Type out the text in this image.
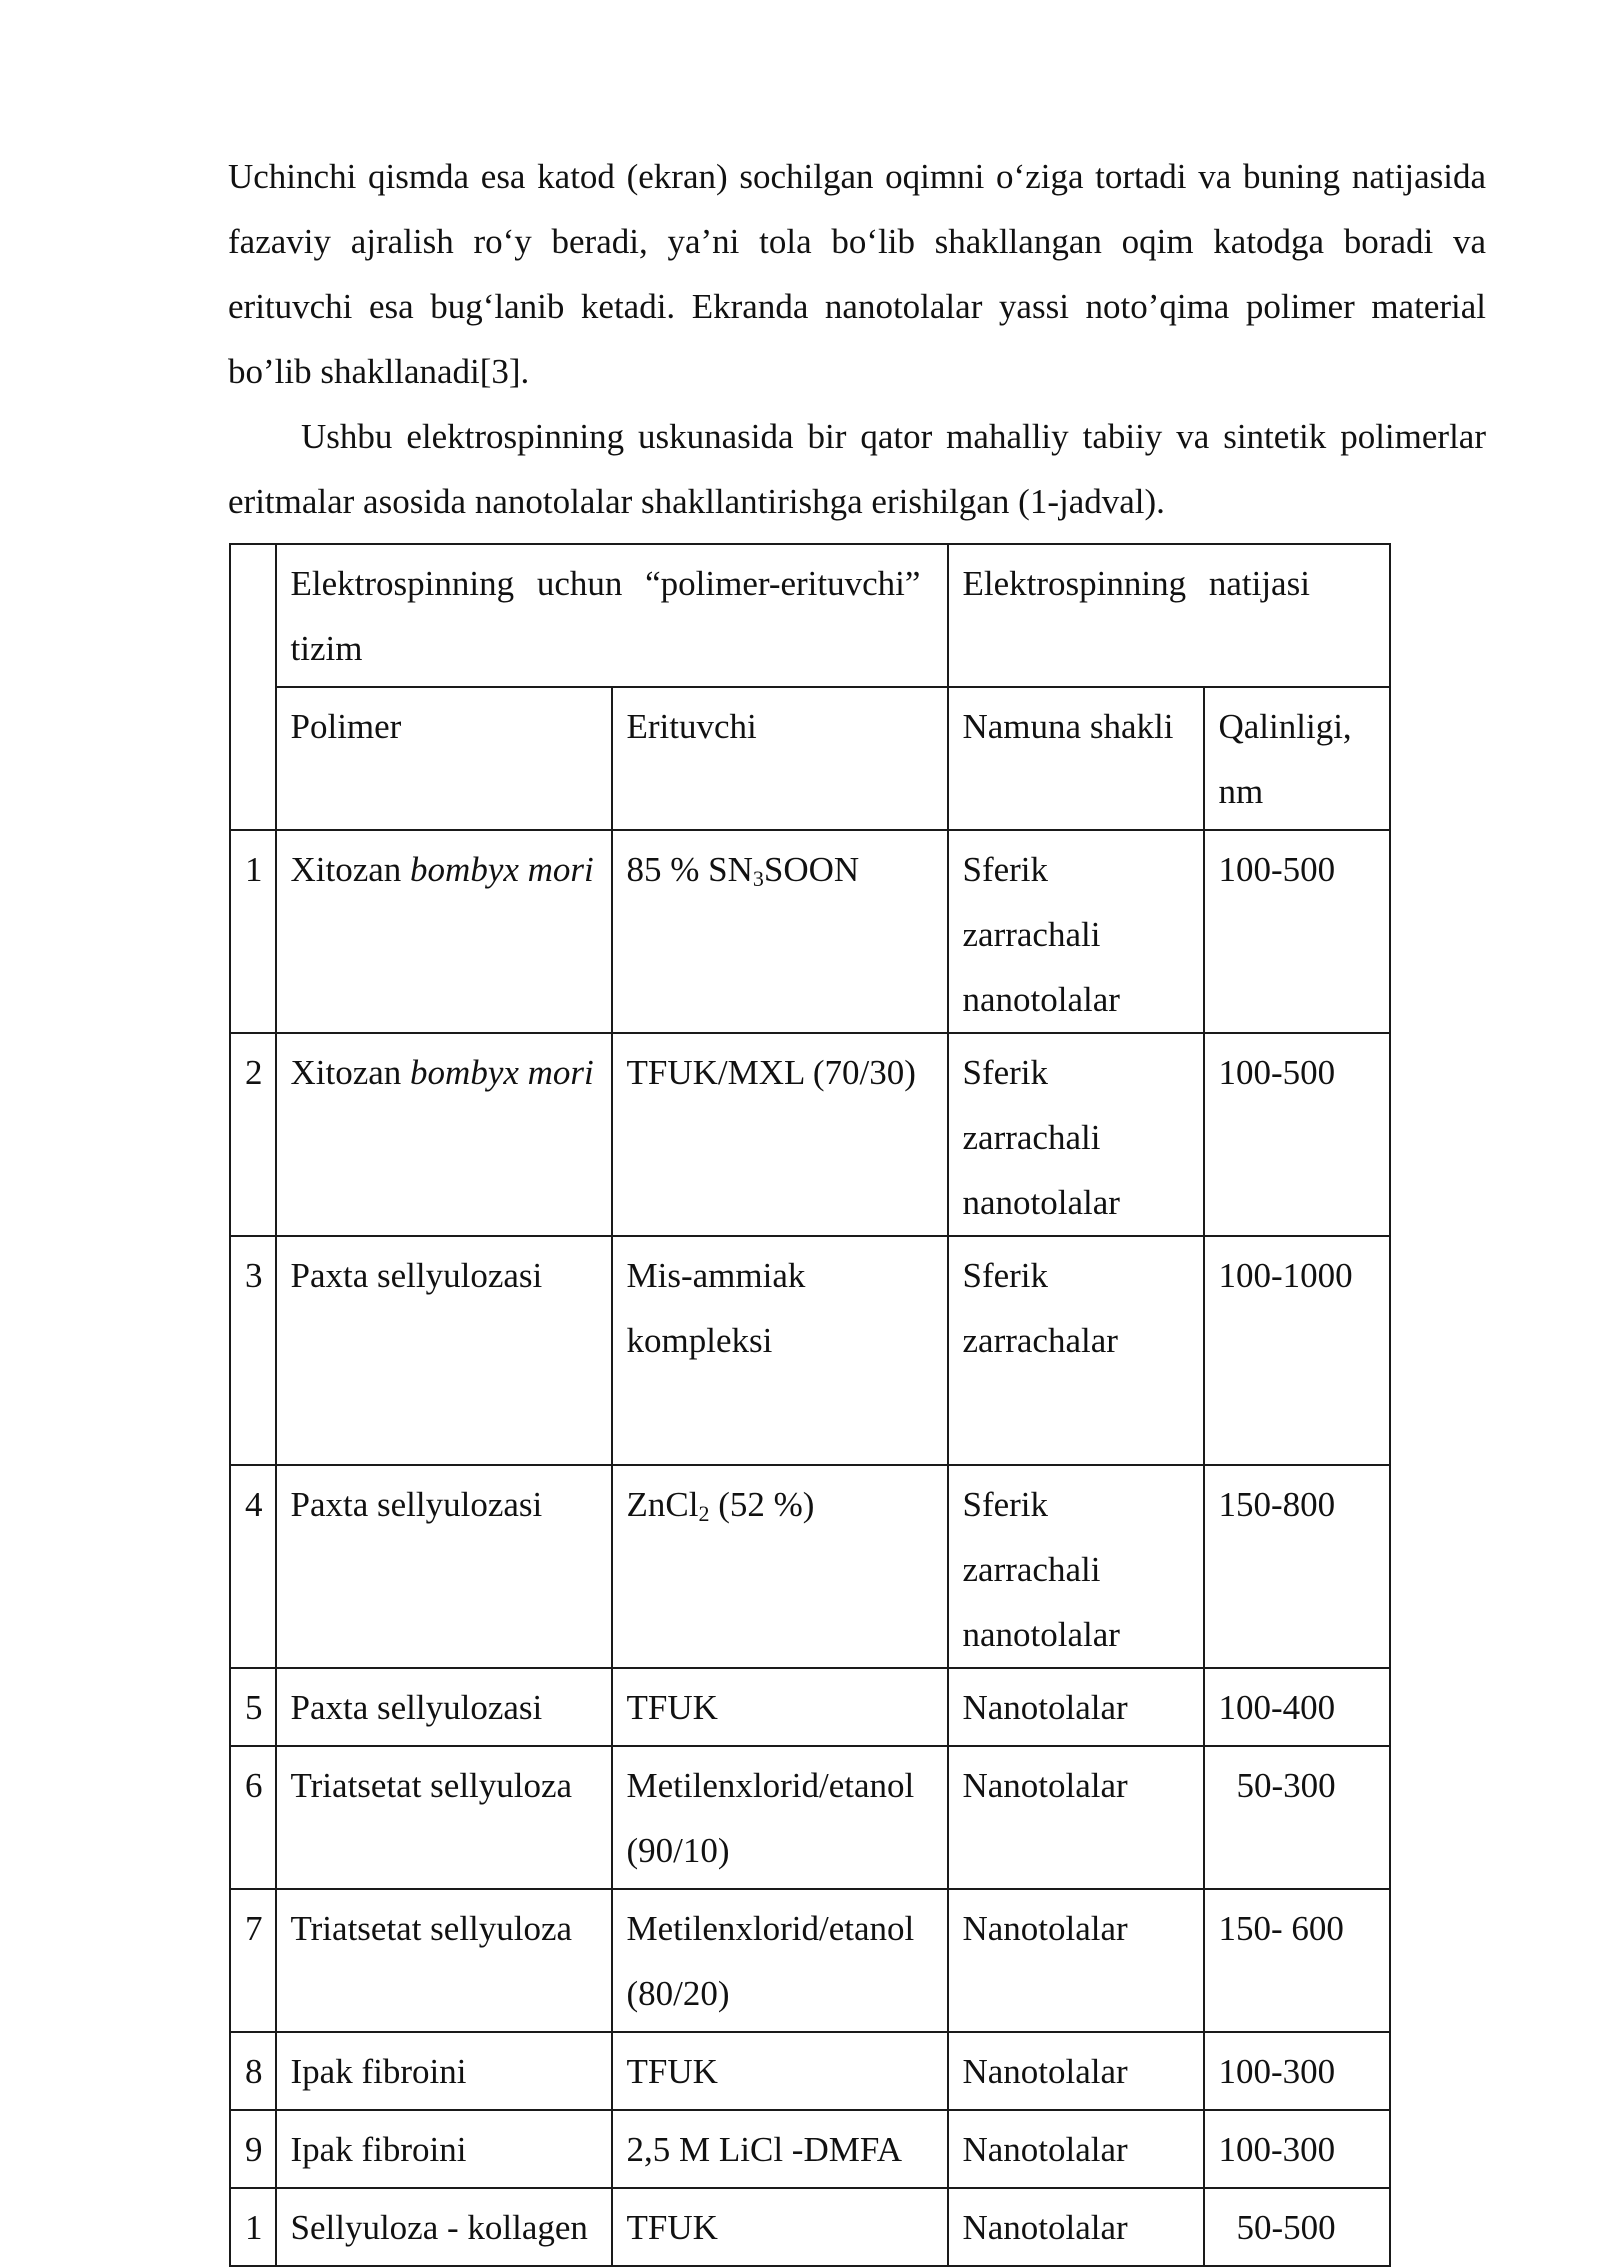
Uchinchi qismda esa katod (ekran) sochilgan oqimni o‘ziga tortadi va buning natijasida fazaviy ajralish ro‘y beradi, ya’ni tola bo‘lib shakllangan oqim katodga boradi va erituvchi esa bug‘lanib ketadi. Ekranda nanotolalar yassi noto’qima polimer material bo’lib shakllanadi[3].

Ushbu elektrospinning uskunasida bir qator mahalliy tabiiy va sintetik polimerlar eritmalar asosida nanotolalar shakllantirishga erishilgan (1-jadval).

	Elektrospinning uchun “polimer-erituvchi” tizim		Elektrospinning natijasi	
	Polimer	Erituvchi	Namuna shakli	Qalinligi, nm
1	Xitozan bombyx mori	85 % $SN_3SOON$	Sferik zarrachali nanotolalar	100-500
2	Xitozan bombyx mori	TFUK/MXL (70/30)	Sferik zarrachali nanotolalar	100-500
3	Paxta sellyulozasi	Mis-ammiak kompleksi	Sferik zarrachalar	100-1000
4	Paxta sellyulozasi	ZnCl$_2$ (52 %)	Sferik zarrachali nanotolalar	150-800
5	Paxta sellyulozasi	TFUK	Nanotolalar	100-400
6	Triatsetat sellyuloza	Metilenxlorid/etanol (90/10)	Nanotolalar	50-300
7	Triatsetat sellyuloza	Metilenxlorid/etanol (80/20)	Nanotolalar	150- 600
8	Ipak fibroini	TFUK	Nanotolalar	100-300
9	Ipak fibroini	2,5 M LiCl -DMFA	Nanotolalar	100-300
1	Sellyuloza - kollagen	TFUK	Nanotolalar	50-500
